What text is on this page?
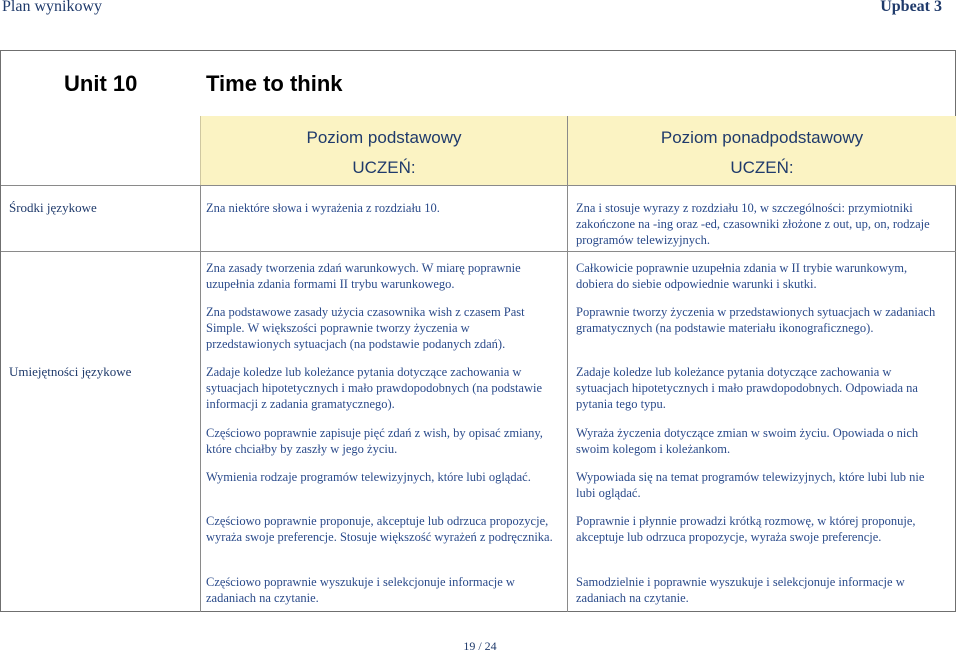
Plan wynikowy	Upbeat 3
Unit 10	Time to think
Poziom podstawowy
UCZEŃ:
Poziom ponadpodstawowy
UCZEŃ:
Środki językowe
Umiejętności językowe
Zna niektóre słowa i wyrażenia z rozdziału 10.
Zna zasady tworzenia zdań warunkowych. W miarę poprawnie uzupełnia zdania formami II trybu warunkowego.
Zna podstawowe zasady użycia czasownika wish z czasem Past Simple. W większości poprawnie tworzy życzenia w przedstawionych sytuacjach (na podstawie podanych zdań).
Zadaje koledze lub koleżance pytania dotyczące zachowania w sytuacjach hipotetycznych i mało prawdopodobnych (na podstawie informacji z zadania gramatycznego).
Częściowo poprawnie zapisuje pięć zdań z wish, by opisać zmiany, które chciałby by zaszły w jego życiu.
Wymienia rodzaje programów telewizyjnych, które lubi oglądać.
Częściowo poprawnie proponuje, akceptuje lub odrzuca propozycje, wyraża swoje preferencje. Stosuje większość wyrażeń z podręcznika.
Częściowo poprawnie wyszukuje i selekcjonuje informacje w zadaniach na czytanie.
Zna i stosuje wyrazy z rozdziału 10, w szczególności: przymiotniki zakończone na -ing oraz -ed, czasowniki złożone z out, up, on, rodzaje programów telewizyjnych.
Całkowicie poprawnie uzupełnia zdania w II trybie warunkowym, dobiera do siebie odpowiednie warunki i skutki.
Poprawnie tworzy życzenia w przedstawionych sytuacjach w zadaniach gramatycznych (na podstawie materiału ikonograficznego).
Zadaje koledze lub koleżance pytania dotyczące zachowania w sytuacjach hipotetycznych i mało prawdopodobnych. Odpowiada na pytania tego typu.
Wyraża życzenia dotyczące zmian w swoim życiu. Opowiada o nich swoim kolegom i koleżankom.
Wypowiada się na temat programów telewizyjnych, które lubi lub nie lubi oglądać.
Poprawnie i płynnie prowadzi krótką rozmowę, w której proponuje, akceptuje lub odrzuca propozycje, wyraża swoje preferencje.
Samodzielnie i poprawnie wyszukuje i selekcjonuje informacje w zadaniach na czytanie.
19 / 24
